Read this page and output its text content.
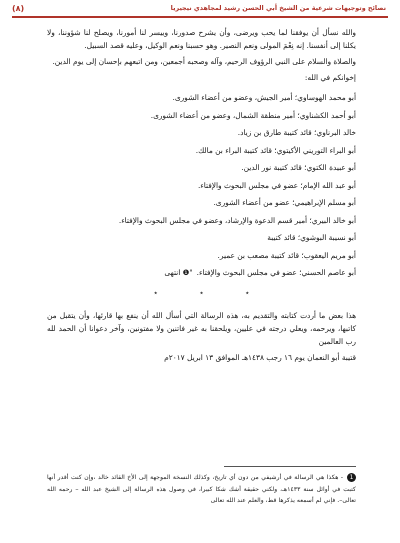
نصائح وتوجيهات شرعية من الشيخ أبي الحسن رشيد لمجاهدي نيجيريا
(٨)

والله نسأل أن يوفقنا لما يحب ويرضى، وأن يشرح صدورنا، وييسر لنا أمورنا، ويصلح لنا شؤوننا، ولا يكلنا إلى أنفسنا. إنه نِعْمَ المولى ونعم النصير. وهو حسبنا ونعم الوكيل، وعليه قصد السبيل.

والصلاة والسلام على النبي الرؤوف الرحيم، وآله وصحبه أجمعين، ومن اتبعهم بإحسان إلى يوم الدين.

إخوانكم في الله:

أبو محمد الهوساوي؛ أمير الجيش، وعضو من أعضاء الشورى.
أبو أحمد الكشناوي؛ أمير منطقة الشمال، وعضو من أعضاء الشورى.
خالد البرناوي؛ قائد كتيبة طارق بن زياد.
أبو البراء التوريني الأكيتوي؛ قائد كتيبة البراء بن مالك.
أبو عبيدة الكتوي؛ قائد كتيبة نور الدين.
أبو عبد الله الإمام؛ عضو في مجلس البحوث والإفتاء.
أبو مسلم الإبراهيمي؛ عضو من أعضاء الشورى.
أبو خالد البيري؛ أمير قسم الدعوة والإرشاد، وعضو في مجلس البحوث والإفتاء.
أبو نسيبة البوشوي؛ قائد كتيبة
أبو مريم اليعقوب؛ قائد كتيبة مصعب بن عمير.
أبو عاصم الحسني؛ عضو في مجلس البحوث والإفتاء."❶ انتهى
٭	٭	٭

هذا بعض ما أردت كتابته والتقديم به، هذه الرسالة التي أسأل الله أن ينفع بها قارئها، وأن يتقبل من كاتبها، ويرحمه، ويعلي درجته في عليين، ويلحقنا به غير فاتنين ولا مفتونين، وآخر دعوانا أن الحمد لله رب العالمين

قتيبة أبو النعمان يوم ١٦ رجب ١٤٣٨هـ الموافق ١٣ ابريل ٢٠١٧م

1- هكذا هي الرسالة في أرشيفي من دون أي تاريخ، وكذلك النسخة الموجهة إلى الأخ القائد خالد ،وإن كنت أقدر أنها كتبت في أوائل سنة ١٤٣٣هـ، ولكني حقيقة أشك شكا كبيرا، في وصول هذه الرسالة إلى الشيخ عبد الله – رحمه الله تعالى–. فإني لم أسمعه يذكرها قط، والعلم عند الله تعالى
